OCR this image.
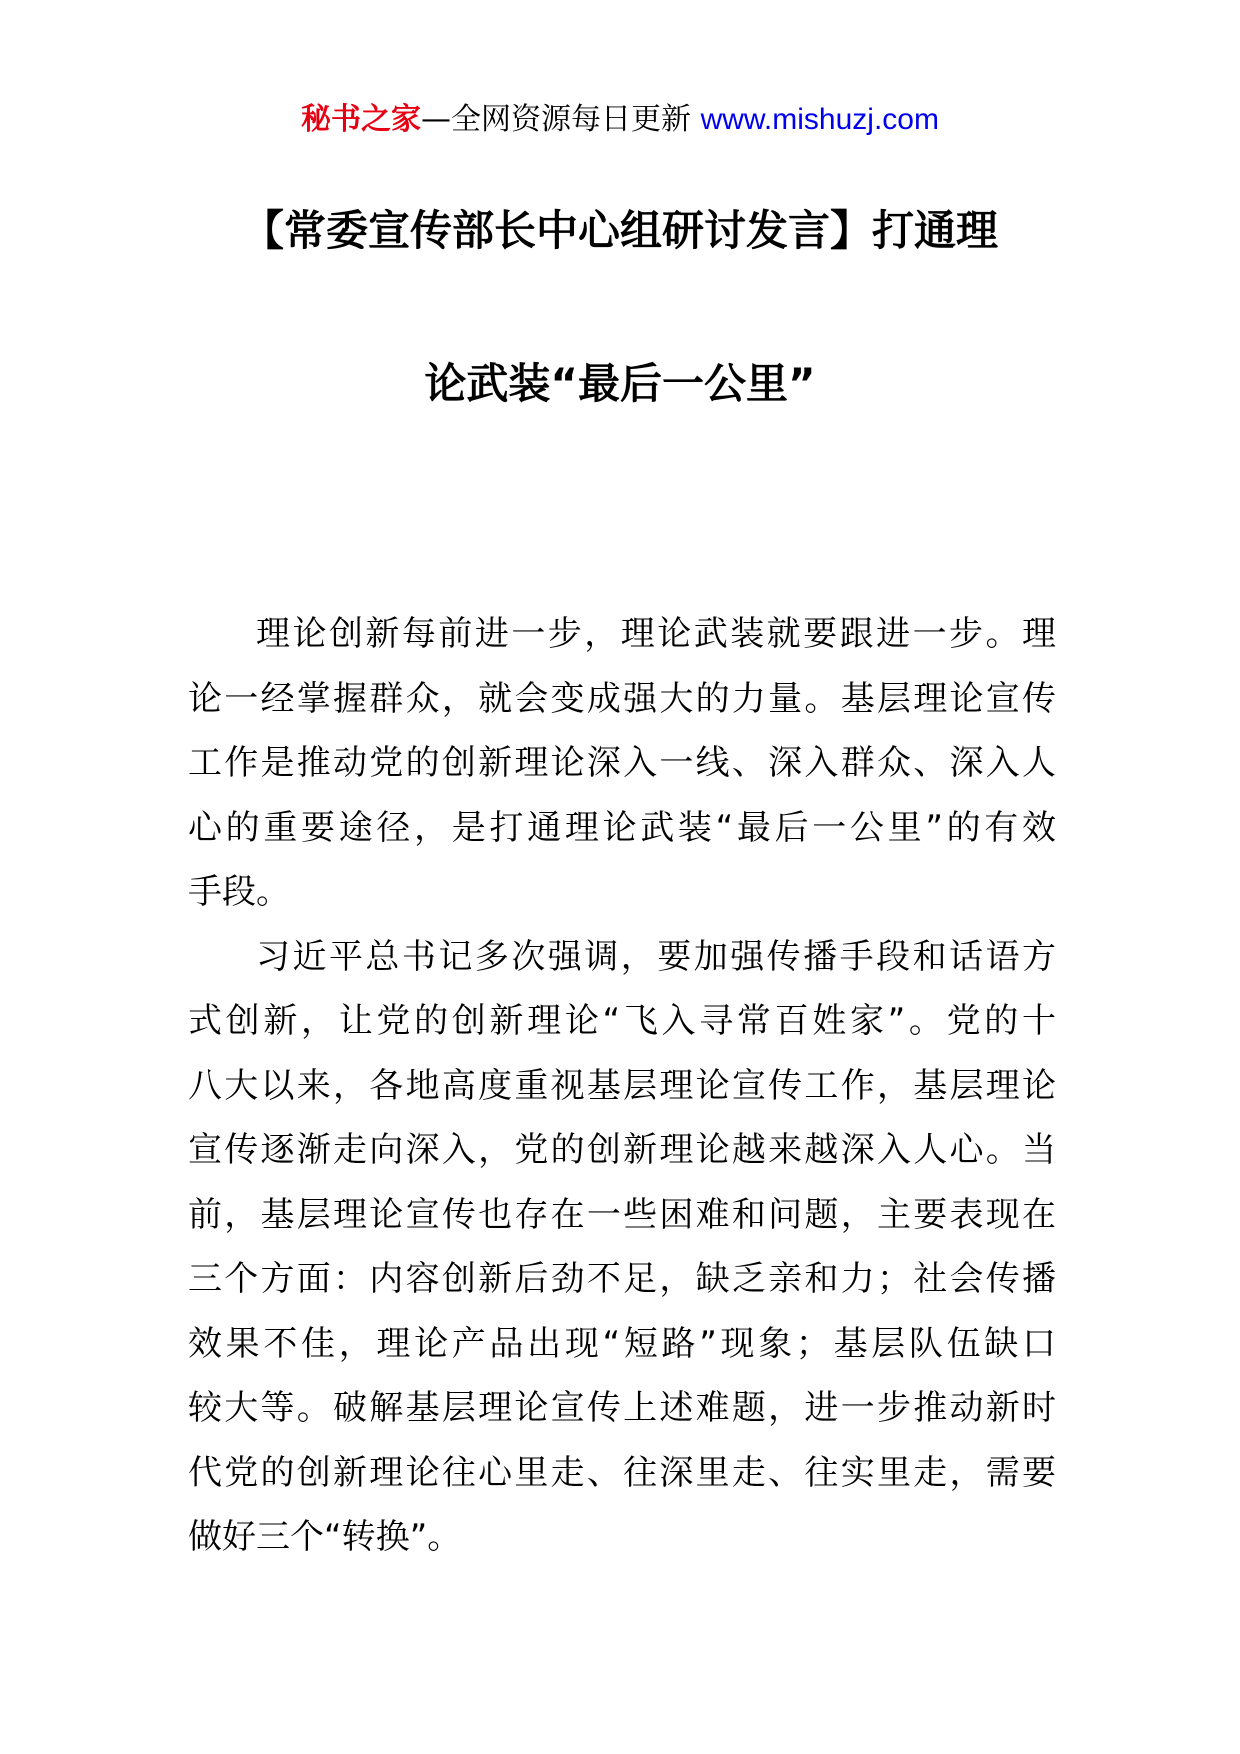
秘书之家—全网资源每日更新 www.mishuzj.com
【常委宣传部长中心组研讨发言】打通理
论武装“最后一公里”
理论创新每前进一步，理论武装就要跟进一步。理
论一经掌握群众，就会变成强大的力量。基层理论宣传
工作是推动党的创新理论深入一线、深入群众、深入人
心的重要途径，是打通理论武装“最后一公里”的有效
手段。
习近平总书记多次强调，要加强传播手段和话语方
式创新，让党的创新理论“飞入寻常百姓家”。党的十
八大以来，各地高度重视基层理论宣传工作，基层理论
宣传逐渐走向深入，党的创新理论越来越深入人心。当
前，基层理论宣传也存在一些困难和问题，主要表现在
三个方面：内容创新后劲不足，缺乏亲和力；社会传播
效果不佳，理论产品出现“短路”现象；基层队伍缺口
较大等。破解基层理论宣传上述难题，进一步推动新时
代党的创新理论往心里走、往深里走、往实里走，需要
做好三个“转换”。
